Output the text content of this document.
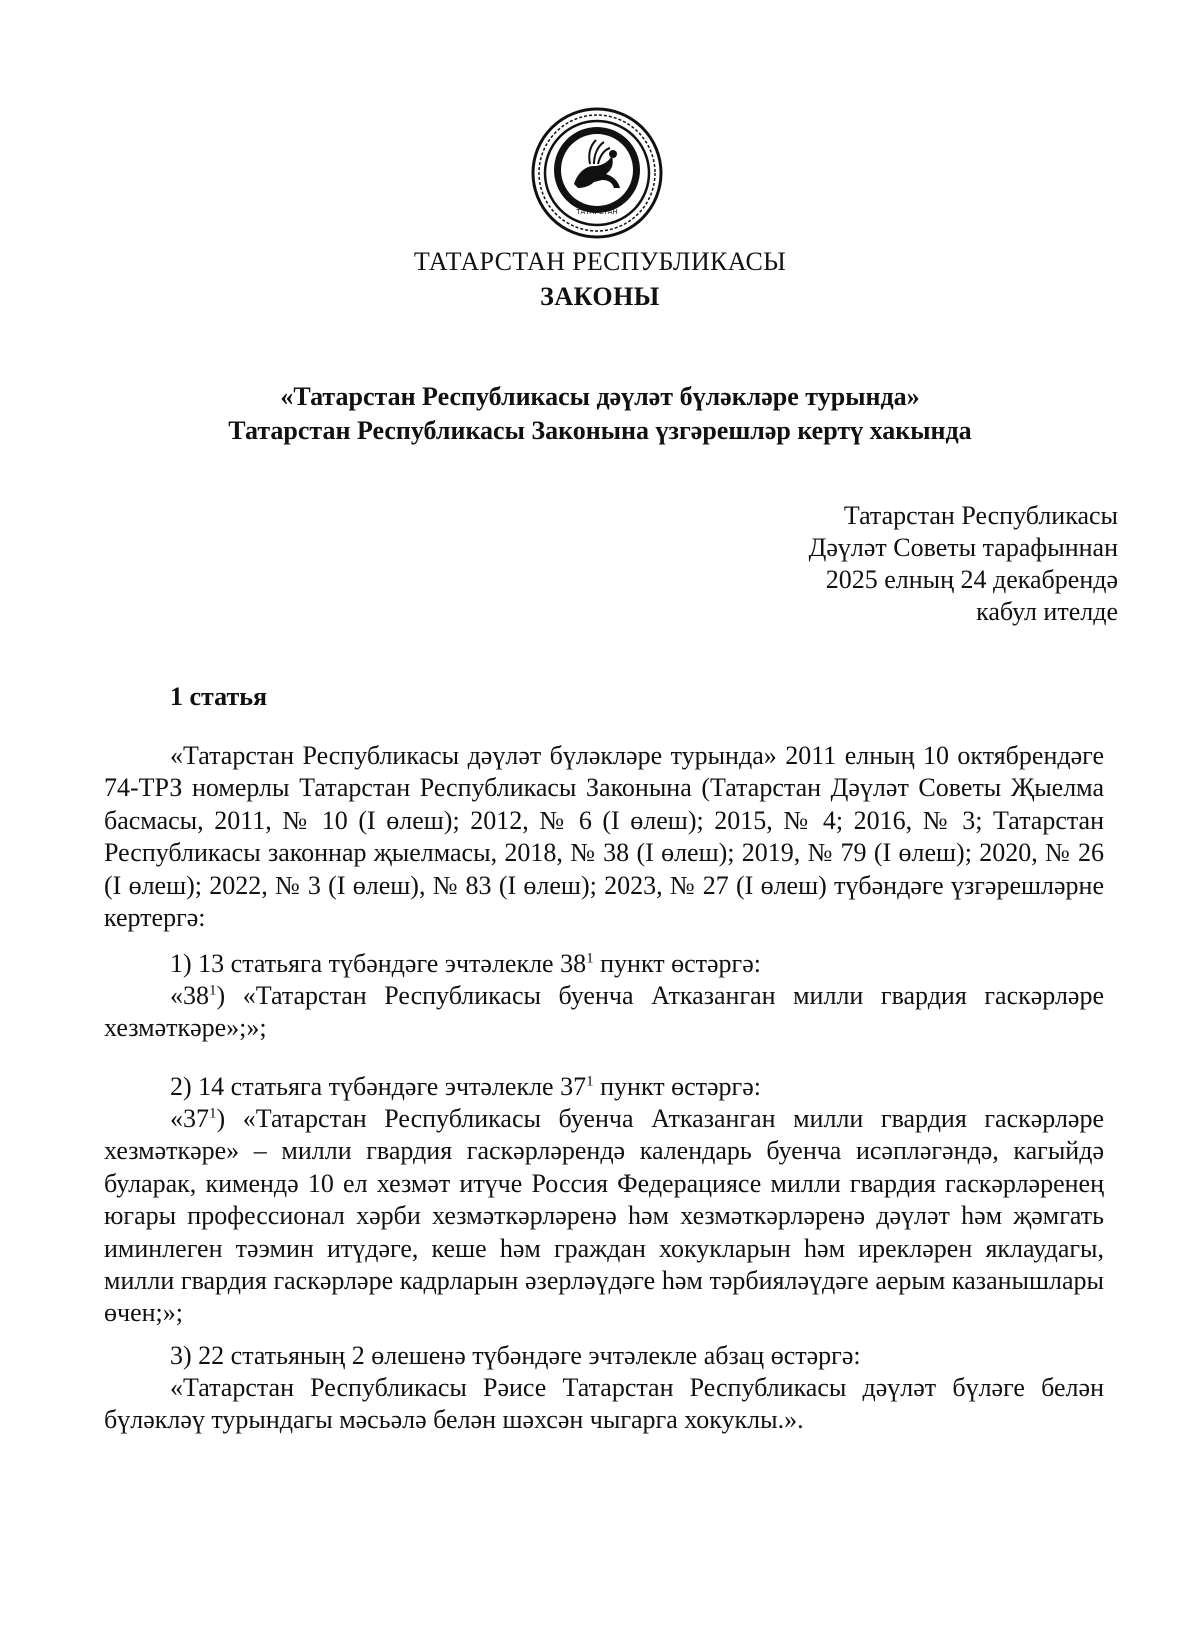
ТАТАРСТАН
ТАТАРСТАН РЕСПУБЛИКАСЫ
ЗАКОНЫ
«Татарстан Республикасы дәүләт бүләкләре турында»
Татарстан Республикасы Законына үзгәрешләр кертү хакында
Татарстан Республикасы
Дәүләт Советы тарафыннан
2025 елның 24 декабрендә
кабул ителде
1 статья
«Татарстан Республикасы дәүләт бүләкләре турында» 2011 елның 10 октябрендәге 74-ТРЗ номерлы Татарстан Республикасы Законына (Татарстан Дәүләт Советы Җыелма басмасы, 2011, № 10 (I өлеш); 2012, № 6 (I өлеш); 2015, № 4; 2016, № 3; Татарстан Республикасы законнар җыелмасы, 2018, № 38 (I өлеш); 2019, № 79 (I өлеш); 2020, № 26 (I өлеш); 2022, № 3 (I өлеш), № 83 (I өлеш); 2023, № 27 (I өлеш) түбәндәге үзгәрешләрне кертергә:
1) 13 статьяга түбәндәге эчтәлекле $38^1$ пункт өстәргә:
«$38^1$) «Татарстан Республикасы буенча Атказанган милли гвардия гаскәрләре хезмәткәре»;»;
2) 14 статьяга түбәндәге эчтәлекле $37^1$ пункт өстәргә:
«$37^1$) «Татарстан Республикасы буенча Атказанган милли гвардия гаскәрләре хезмәткәре» – милли гвардия гаскәрләрендә календарь буенча исәпләгәндә, кагыйдә буларак, кимендә 10 ел хезмәт итүче Россия Федерациясе милли гвардия гаскәрләренең югары профессионал хәрби хезмәткәрләренә һәм хезмәткәрләренә дәүләт һәм җәмгать иминлеген тәэмин итүдәге, кеше һәм граждан хокукларын һәм ирекләрен яклаудагы, милли гвардия гаскәрләре кадрларын әзерләүдәге һәм тәрбияләүдәге аерым казанышлары өчен;»;
3) 22 статьяның 2 өлешенә түбәндәге эчтәлекле абзац өстәргә:
«Татарстан Республикасы Рәисе Татарстан Республикасы дәүләт бүләге белән бүләкләү турындагы мәсьәлә белән шәхсән чыгарга хокуклы.».
